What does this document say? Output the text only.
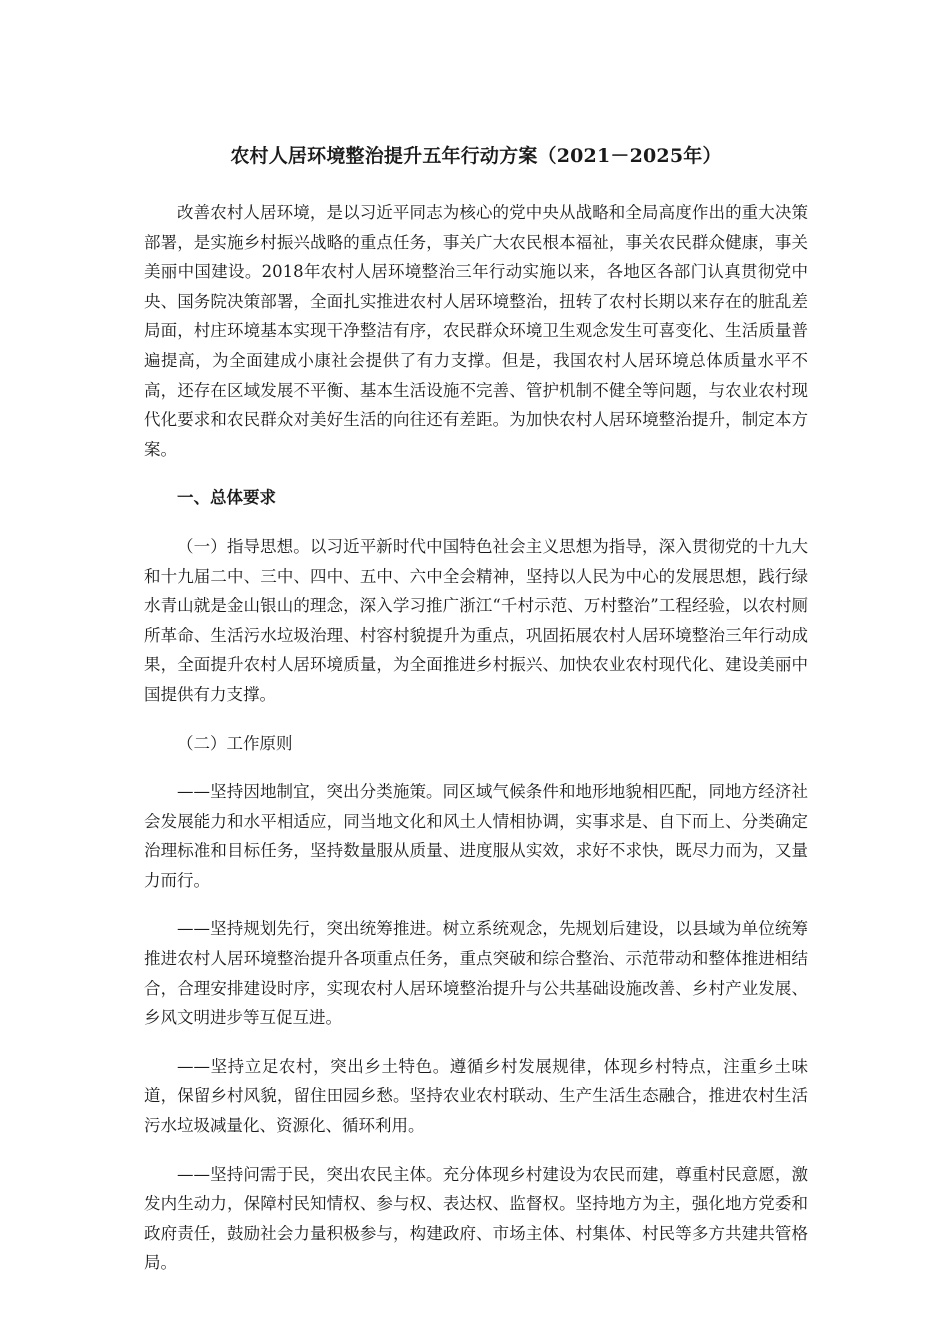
农村人居环境整治提升五年行动方案（2021－2025年）

改善农村人居环境，是以习近平同志为核心的党中央从战略和全局高度作出的重大决策部署，是实施乡村振兴战略的重点任务，事关广大农民根本福祉，事关农民群众健康，事关美丽中国建设。2018年农村人居环境整治三年行动实施以来，各地区各部门认真贯彻党中央、国务院决策部署，全面扎实推进农村人居环境整治，扭转了农村长期以来存在的脏乱差局面，村庄环境基本实现干净整洁有序，农民群众环境卫生观念发生可喜变化、生活质量普遍提高，为全面建成小康社会提供了有力支撑。但是，我国农村人居环境总体质量水平不高，还存在区域发展不平衡、基本生活设施不完善、管护机制不健全等问题，与农业农村现代化要求和农民群众对美好生活的向往还有差距。为加快农村人居环境整治提升，制定本方案。

一、总体要求

（一）指导思想。以习近平新时代中国特色社会主义思想为指导，深入贯彻党的十九大和十九届二中、三中、四中、五中、六中全会精神，坚持以人民为中心的发展思想，践行绿水青山就是金山银山的理念，深入学习推广浙江“千村示范、万村整治”工程经验，以农村厕所革命、生活污水垃圾治理、村容村貌提升为重点，巩固拓展农村人居环境整治三年行动成果，全面提升农村人居环境质量，为全面推进乡村振兴、加快农业农村现代化、建设美丽中国提供有力支撑。

（二）工作原则

——坚持因地制宜，突出分类施策。同区域气候条件和地形地貌相匹配，同地方经济社会发展能力和水平相适应，同当地文化和风土人情相协调，实事求是、自下而上、分类确定治理标准和目标任务，坚持数量服从质量、进度服从实效，求好不求快，既尽力而为，又量力而行。

——坚持规划先行，突出统筹推进。树立系统观念，先规划后建设，以县域为单位统筹推进农村人居环境整治提升各项重点任务，重点突破和综合整治、示范带动和整体推进相结合，合理安排建设时序，实现农村人居环境整治提升与公共基础设施改善、乡村产业发展、乡风文明进步等互促互进。

——坚持立足农村，突出乡土特色。遵循乡村发展规律，体现乡村特点，注重乡土味道，保留乡村风貌，留住田园乡愁。坚持农业农村联动、生产生活生态融合，推进农村生活污水垃圾减量化、资源化、循环利用。

——坚持问需于民，突出农民主体。充分体现乡村建设为农民而建，尊重村民意愿，激发内生动力，保障村民知情权、参与权、表达权、监督权。坚持地方为主，强化地方党委和政府责任，鼓励社会力量积极参与，构建政府、市场主体、村集体、村民等多方共建共管格局。
